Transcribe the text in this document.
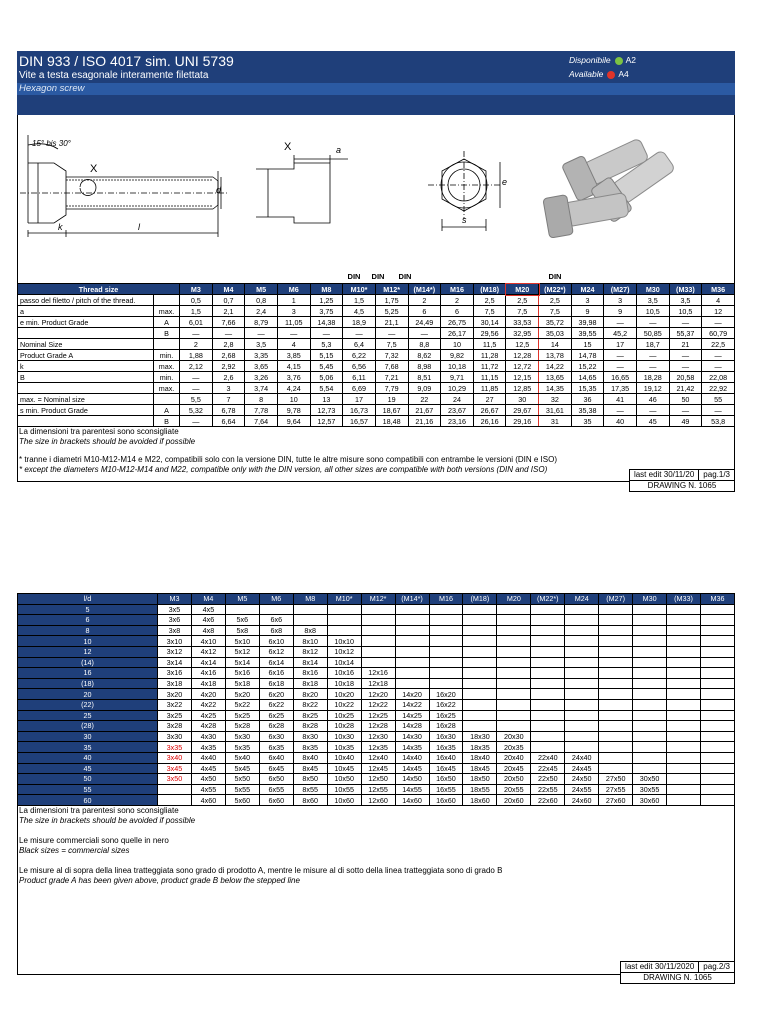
DIN 933 / ISO 4017 sim. UNI 5739
Vite a testa esagonale interamente filettata
Hexagon screw
Disponibile A2
Available A4
15° bis 30°
X
X	a
d
e
s
k	l
DIN	DIN	DIN	DIN
Thread size		M3	M4	M5	M6	M8	M10*	M12*	(M14*)	M16	(M18)	M20	(M22*)	M24	(M27)	M30	(M33)	M36
passo del filetto / pitch of the thread.		0,5	0,7	0,8	1	1,25	1,5	1,75	2	2	2,5	2,5	2,5	3	3	3,5	3,5	4
a	max.	1,5	2,1	2,4	3	3,75	4,5	5,25	6	6	7,5	7,5	7,5	9	9	10,5	10,5	12
e min. Product Grade	A	6,01	7,66	8,79	11,05	14,38	18,9	21,1	24,49	26,75	30,14	33,53	35,72	39,98	—	—	—	—
	B	—	—	—	—	—	—	—	—	26,17	29,56	32,95	35,03	39,55	45,2	50,85	55,37	60,79
Nominal Size		2	2,8	3,5	4	5,3	6,4	7,5	8,8	10	11,5	12,5	14	15	17	18,7	21	22,5
Product Grade A	min.	1,88	2,68	3,35	3,85	5,15	6,22	7,32	8,62	9,82	11,28	12,28	13,78	14,78	—	—	—	—
k	max.	2,12	2,92	3,65	4,15	5,45	6,56	7,68	8,98	10,18	11,72	12,72	14,22	15,22	—	—	—	—
B	min.	—	2,6	3,26	3,76	5,06	6,11	7,21	8,51	9,71	11,15	12,15	13,65	14,65	16,65	18,28	20,58	22,08
	max.	—	3	3,74	4,24	5,54	6,69	7,79	9,09	10,29	11,85	12,85	14,35	15,35	17,35	19,12	21,42	22,92
max. = Nominal size		5,5	7	8	10	13	17	19	22	24	27	30	32	36	41	46	50	55
s min. Product Grade	A	5,32	6,78	7,78	9,78	12,73	16,73	18,67	21,67	23,67	26,67	29,67	31,61	35,38	—	—	—	—
	B	—	6,64	7,64	9,64	12,57	16,57	18,48	21,16	23,16	26,16	29,16	31	35	40	45	49	53,8
La dimensioni tra parentesi sono sconsigliate
The size in brackets should be avoided if possible
* tranne i diametri M10-M12-M14 e M22, compatibili solo con la versione DIN, tutte le altre misure sono compatibili con entrambe le versioni (DIN e ISO)
* except the diameters M10-M12-M14 and M22, compatible only with the DIN version, all other sizes are compatible with both versions (DIN and ISO)
last edit 30/11/20	pag.1/3
DRAWING N. 1065
l/d	M3	M4	M5	M6	M8	M10*	M12*	(M14*)	M16	(M18)	M20	(M22*)	M24	(M27)	M30	(M33)	M36
5	3x5	4x5															
6	3x6	4x6	5x6	6x6													
8	3x8	4x8	5x8	6x8	8x8												
10	3x10	4x10	5x10	6x10	8x10	10x10											
12	3x12	4x12	5x12	6x12	8x12	10x12											
(14)	3x14	4x14	5x14	6x14	8x14	10x14											
16	3x16	4x16	5x16	6x16	8x16	10x16	12x16										
(18)	3x18	4x18	5x18	6x18	8x18	10x18	12x18										
20	3x20	4x20	5x20	6x20	8x20	10x20	12x20	14x20	16x20								
(22)	3x22	4x22	5x22	6x22	8x22	10x22	12x22	14x22	16x22								
25	3x25	4x25	5x25	6x25	8x25	10x25	12x25	14x25	16x25								
(28)	3x28	4x28	5x28	6x28	8x28	10x28	12x28	14x28	16x28								
30	3x30	4x30	5x30	6x30	8x30	10x30	12x30	14x30	16x30	18x30	20x30						
35	3x35	4x35	5x35	6x35	8x35	10x35	12x35	14x35	16x35	18x35	20x35						
40	3x40	4x40	5x40	6x40	8x40	10x40	12x40	14x40	16x40	18x40	20x40	22x40	24x40				
45	3x45	4x45	5x45	6x45	8x45	10x45	12x45	14x45	16x45	18x45	20x45	22x45	24x45				
50	3x50	4x50	5x50	6x50	8x50	10x50	12x50	14x50	16x50	18x50	20x50	22x50	24x50	27x50	30x50		
55		4x55	5x55	6x55	8x55	10x55	12x55	14x55	16x55	18x55	20x55	22x55	24x55	27x55	30x55		
60		4x60	5x60	6x60	8x60	10x60	12x60	14x60	16x60	18x60	20x60	22x60	24x60	27x60	30x60		
La dimensioni tra parentesi sono sconsigliate
The size in brackets should be avoided if possible
Le misure commerciali sono quelle in nero
Black sizes = commercial sizes
Le misure al di sopra della linea tratteggiata sono grado di prodotto A, mentre le misure al di sotto della linea tratteggiata sono di grado B
Product grade A has been given above, product grade B below the stepped line
last edit 30/11/2020	pag.2/3
DRAWING N. 1065
